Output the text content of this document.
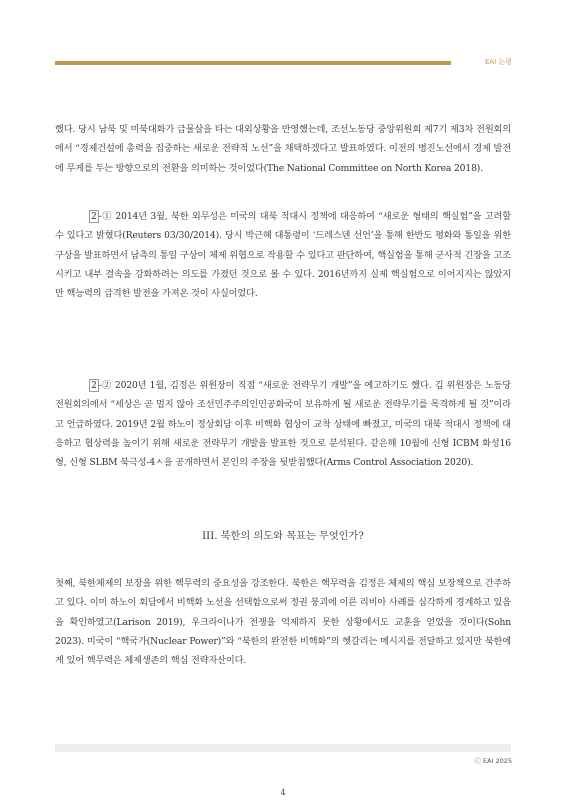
EAI 논평

했다. 당시 남북 및 미북대화가 급물살을 타는 대외상황을 반영했는데, 조선노동당 중앙위원회 제7기 제3차 전원회의에서 “경제건설에 총력을 집중하는 새로운 전략적 노선”을 채택하겠다고 발표하였다. 이전의 병진노선에서 경제 발전에 무게를 두는 방향으로의 전환을 의미하는 것이었다(The National Committee on North Korea 2018).

2 -① 2014년 3월, 북한 외무성은 미국의 대북 적대시 정책에 대응하여 “새로운 형태의 핵실험”을 고려할 수 있다고 밝혔다(Reuters 03/30/2014). 당시 박근혜 대통령이 ‘드레스덴 선언’을 통해 한반도 평화와 통일을 위한 구상을 발표하면서 남측의 통일 구상이 체제 위협으로 작용할 수 있다고 판단하여, 핵실험을 통해 군사적 긴장을 고조시키고 내부 결속을 강화하려는 의도를 가졌던 것으로 볼 수 있다. 2016년까지 실제 핵실험으로 이어지지는 않았지만 핵능력의 급격한 발전을 가져온 것이 사실이었다.

2 -② 2020년 1월, 김정은 위원장이 직접 “새로운 전략무기 개발”을 예고하기도 했다. 김 위원장은 노동당 전원회의에서 “세상은 곧 멀지 않아 조선민주주의인민공화국이 보유하게 될 새로운 전략무기를 목격하게 될 것”이라고 언급하였다. 2019년 2월 하노이 정상회담 이후 비핵화 협상이 교착 상태에 빠졌고, 미국의 대북 적대시 정책에 대응하고 협상력을 높이기 위해 새로운 전략무기 개발을 발표한 것으로 분석된다. 같은해 10월에 신형 ICBM 화성16형, 신형 SLBM 북극성-4ㅅ을 공개하면서 본인의 주장을 뒷받침했다(Arms Control Association 2020).

III. 북한의 의도와 목표는 무엇인가?

첫째, 북한체제의 보장을 위한 핵무력의 중요성을 강조한다. 북한은 핵무력을 김정은 체제의 핵심 보장책으로 간주하고 있다. 이미 하노이 회담에서 비핵화 노선을 선택함으로써 정권 붕괴에 이른 리비아 사례를 심각하게 경계하고 있음을 확인하였고(Larison 2019), 우크라이나가 전쟁을 억제하지 못한 상황에서도 교훈을 얻었을 것이다(Sohn 2023). 미국이 “핵국가(Nuclear Power)”와 “북한의 완전한 비핵화”의 헷갈리는 메시지를 전달하고 있지만 북한에게 있어 핵무력은 체제생존의 핵심 전략자산이다.

ⓒ EAI 2025
4
